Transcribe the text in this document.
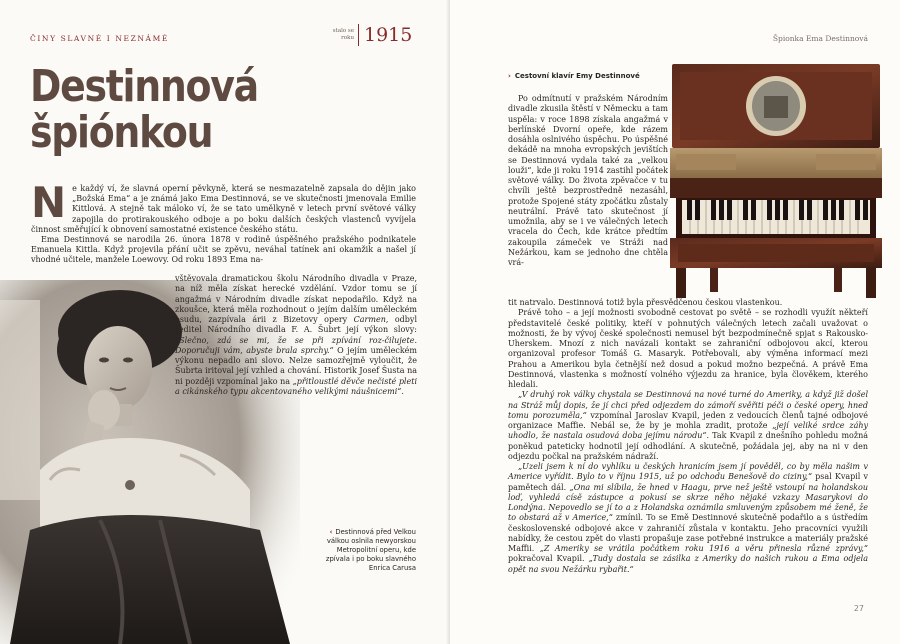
ČINY SLAVNÉ I NEZNÁMÉ
stalo se
roku 1915
Destinnová
špiónkou
Ne každý ví, že slavná operní pěvkyně, která se nesmazatelně zapsala do dějin jako „Božská Ema“ a je známá jako Ema Destinnová, se ve skutečnosti jmenovala Emilie Kittlová. A stejně tak máloko ví, že se tato umělkyně v letech první světové války zapojila do protirakouského odboje a po boku dalších českých vlastenců vyvíjela činnost směřující k obnovení samostatné existence českého státu.

Ema Destinnová se narodila 26. února 1878 v rodině úspěšného pražského podnikatele Emanuela Kittla. Když projevila přání učit se zpěvu, neváhal tatínek ani okamžik a našel jí vhodné učitele, manžele Loewovy. Od roku 1893 Ema na-

vštěvovala dramatickou školu Národního divadla v Praze, na níž měla získat herecké vzdělání. Vzdor tomu se jí angažmá v Národním divadle získat nepodařilo. Když na zkoušce, která měla rozhodnout o jejím dalším uměleckém osudu, zazpívala árii z Bizetovy opery Carmen, odbyl ředitel Národního divadla F. A. Šubrt její výkon slovy: „Slečno, zdá se mi, že se při zpívání roz-čilujete. Doporučuji vám, abyste brala sprchy.“ O jejím uměleckém výkonu nepadlo ani slovo. Nelze samozřejmě vyloučit, že Šubrta iritoval její vzhled a chování. Historik Josef Šusta na ni později vzpomínal jako na „přitloustlé děvče nečisté pleti a cikánského typu akcentovaného velikými náušnicemi“.

‹ Destinnová před Velkou válkou oslnila newyorskou Metropolitní operu, kde zpívala i po boku slavného Enrica Carusa
Špionka Ema Destinnová
› Cestovní klavír Emy Destinnové

Po odmítnutí v pražském Národním divadle zkusila štěstí v Německu a tam uspěla: v roce 1898 získala angažmá v berlínské Dvorní opeře, kde rázem dosáhla oslnivého úspěchu. Po úspěšné dekádě na mnoha evropských jevištích se Destinnová vydala také za „velkou louži“, kde ji roku 1914 zastihl počátek světové války. Do života zpěvačce v tu chvíli ještě bezprostředně nezasáhl, protože Spojené státy zpočátku zůstaly neutrální. Právě tato skutečnost jí umožnila, aby se i ve válečných letech vracela do Čech, kde krátce předtím zakoupila zámeček ve Stráži nad Nežárkou, kam se jednoho dne chtěla vrá-

tit natrvalo. Destinnová totiž byla přesvědčenou českou vlastenkou.

Právě toho – a její možnosti svobodně cestovat po světě – se rozhodli využít někteří představitelé české politiky, kteří v pohnutých válečných letech začali uvažovat o možnosti, že by vývoj české společnosti nemusel být bezpodmínečně spjat s Rakousko-Uherskem. Mnozí z nich navázali kontakt se zahraniční odbojovou akcí, kterou organizoval profesor Tomáš G. Masaryk. Potřebovali, aby výměna informací mezi Prahou a Amerikou byla četnější než dosud a pokud možno bezpečná. A právě Ema Destinnová, vlastenka s možností volného výjezdu za hranice, byla člověkem, kterého hledali.

„V druhý rok války chystala se Destinnová na nové turné do Ameriky, a když již došel na Stráž můj dopis, že jí chci před odjezdem do zámoří svěřiti péči o české opery, hned tomu porozuměla,“ vzpomínal Jaroslav Kvapil, jeden z vedoucích členů tajné odbojové organizace Maffie. Nebál se, že by je mohla zradit, protože „její veliké srdce záhy uhodlo, že nastala osudová doba jejímu národu“. Tak Kvapil z dnešního pohledu možná poněkud pateticky hodnotil její odhodlání. A skutečně, požádala jej, aby na ni v den odjezdu počkal na pražském nádraží.

„Uzeli jsem k ní do vyhlíku u českých hranicím jsem jí pověděl, co by měla našim v Americe vyřídit. Bylo to v říjnu 1915, už po odchodu Benešově do ciziny,“ psal Kvapil v pamětech dál. „Ona mi slíbila, že hned v Haagu, prve než ještě vstoupí na holandskou loď, vyhledá císě zástupce a pokusí se skrze něho nějaké vzkazy Masarykovi do Londýna. Nepovedlo se jí to a z Holandska oznámila smluveným způsobem mé ženě, že to obstará až v Americe,“ zmínil. To se Emě Destinnové skutečně podařilo a s ústředím československé odbojové akce v zahraničí zůstala v kontaktu. Jeho pracovníci využili nabídky, že cestou zpět do vlasti propašuje zase potřebné instrukce a materiály pražské Maffii. „Z Ameriky se vrátila počátkem roku 1916 a věru přinesla různé zprávy,“ pokračoval Kvapil. „Tudy dostala se zásilka z Ameriky do našich rukou a Ema odjela opět na svou Nežárku rybařit.“

27
